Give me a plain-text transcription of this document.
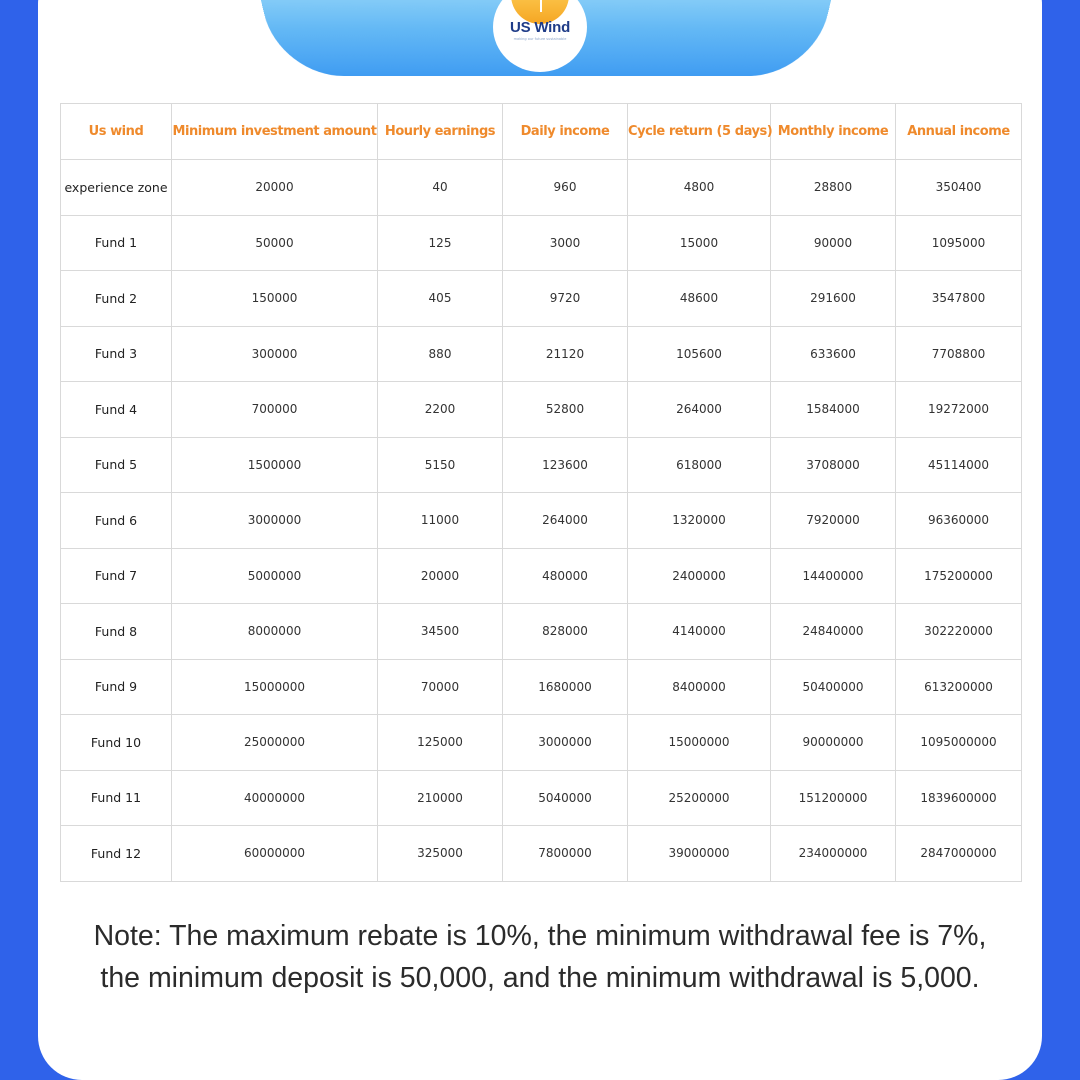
US Wind
making our future sustainable
Us wind	Minimum investment amount	Hourly earnings	Daily income	Cycle return (5 days)	Monthly income	Annual income
experience zone	20000	40	960	4800	28800	350400
Fund 1	50000	125	3000	15000	90000	1095000
Fund 2	150000	405	9720	48600	291600	3547800
Fund 3	300000	880	21120	105600	633600	7708800
Fund 4	700000	2200	52800	264000	1584000	19272000
Fund 5	1500000	5150	123600	618000	3708000	45114000
Fund 6	3000000	11000	264000	1320000	7920000	96360000
Fund 7	5000000	20000	480000	2400000	14400000	175200000
Fund 8	8000000	34500	828000	4140000	24840000	302220000
Fund 9	15000000	70000	1680000	8400000	50400000	613200000
Fund 10	25000000	125000	3000000	15000000	90000000	1095000000
Fund 11	40000000	210000	5040000	25200000	151200000	1839600000
Fund 12	60000000	325000	7800000	39000000	234000000	2847000000
Note: The maximum rebate is 10%, the minimum withdrawal fee is 7%, the minimum deposit is 50,000, and the minimum withdrawal is 5,000.
